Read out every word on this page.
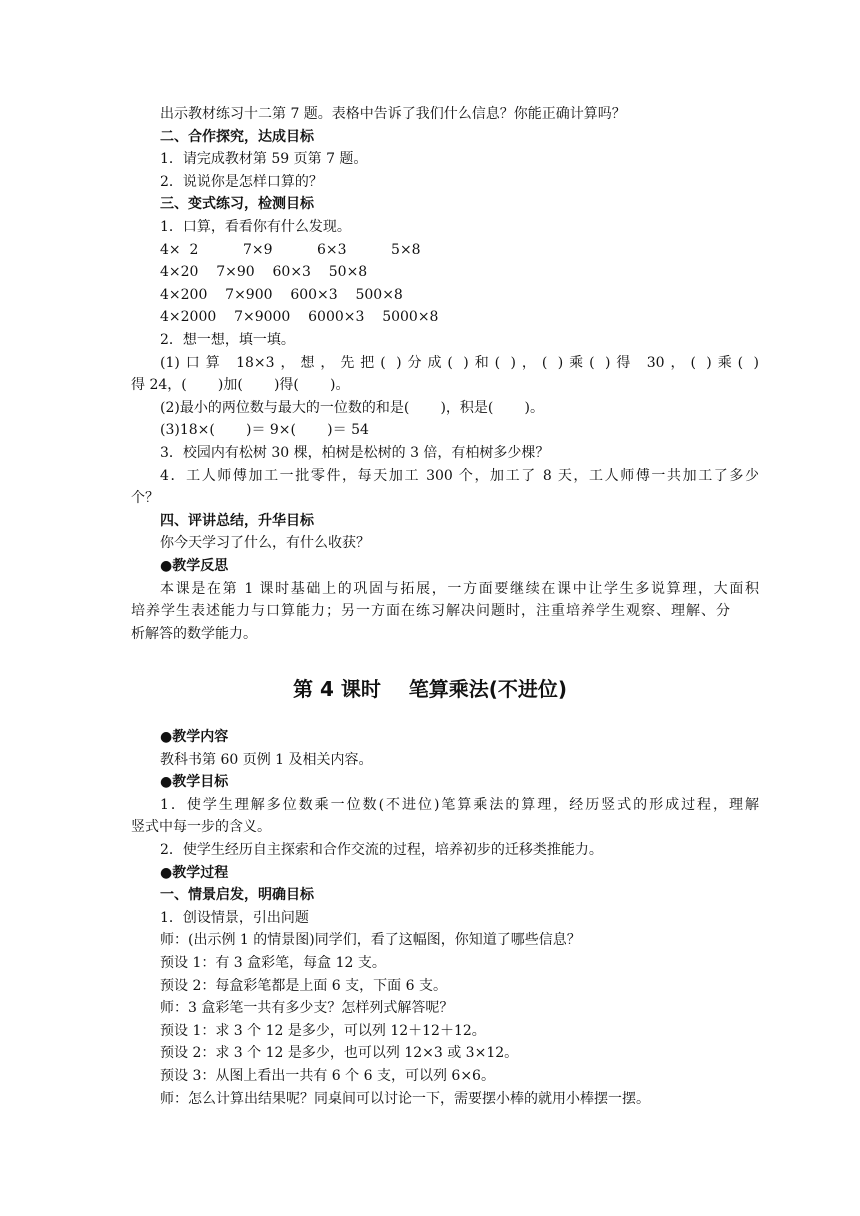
出示教材练习十二第 7 题。表格中告诉了我们什么信息？你能正确计算吗？
二、合作探究，达成目标
1．请完成教材第 59 页第 7 题。
2．说说你是怎样口算的？
三、变式练习，检测目标
1．口算，看看你有什么发现。
4×  2          7×9          6×3          5×8
4×20    7×90    60×3    50×8
4×200    7×900    600×3    500×8
4×2000    7×9000    6000×3    5000×8
2．想一想，填一填。
(1)口算 18×3，想，先把( )分成( )和( )，( )乘( )得 30，( )乘( )
得 24，(       )加(       )得(       )。
(2)最小的两位数与最大的一位数的和是(       )，积是(       )。
(3)18×(       )＝ 9×(       )＝ 54
3．校园内有松树 30 棵，柏树是松树的 3 倍，有柏树多少棵？
4．工人师傅加工一批零件，每天加工 300 个，加工了 8 天，工人师傅一共加工了多少
个？
四、评讲总结，升华目标
你今天学习了什么，有什么收获？
●教学反思
本课是在第 1 课时基础上的巩固与拓展，一方面要继续在课中让学生多说算理，大面积
培养学生表述能力与口算能力；另一方面在练习解决问题时，注重培养学生观察、理解、分
析解答的数学能力。
第 4 课时    笔算乘法(不进位)
●教学内容
教科书第 60 页例 1 及相关内容。
●教学目标
1．使学生理解多位数乘一位数(不进位)笔算乘法的算理，经历竖式的形成过程，理解
竖式中每一步的含义。
2．使学生经历自主探索和合作交流的过程，培养初步的迁移类推能力。
●教学过程
一、情景启发，明确目标
1．创设情景，引出问题
师：(出示例 1 的情景图)同学们，看了这幅图，你知道了哪些信息？
预设 1：有 3 盒彩笔，每盒 12 支。
预设 2：每盒彩笔都是上面 6 支，下面 6 支。
师：3 盒彩笔一共有多少支？怎样列式解答呢？
预设 1：求 3 个 12 是多少，可以列 12＋12＋12。
预设 2：求 3 个 12 是多少，也可以列 12×3 或 3×12。
预设 3：从图上看出一共有 6 个 6 支，可以列 6×6。
师：怎么计算出结果呢？同桌间可以讨论一下，需要摆小棒的就用小棒摆一摆。
